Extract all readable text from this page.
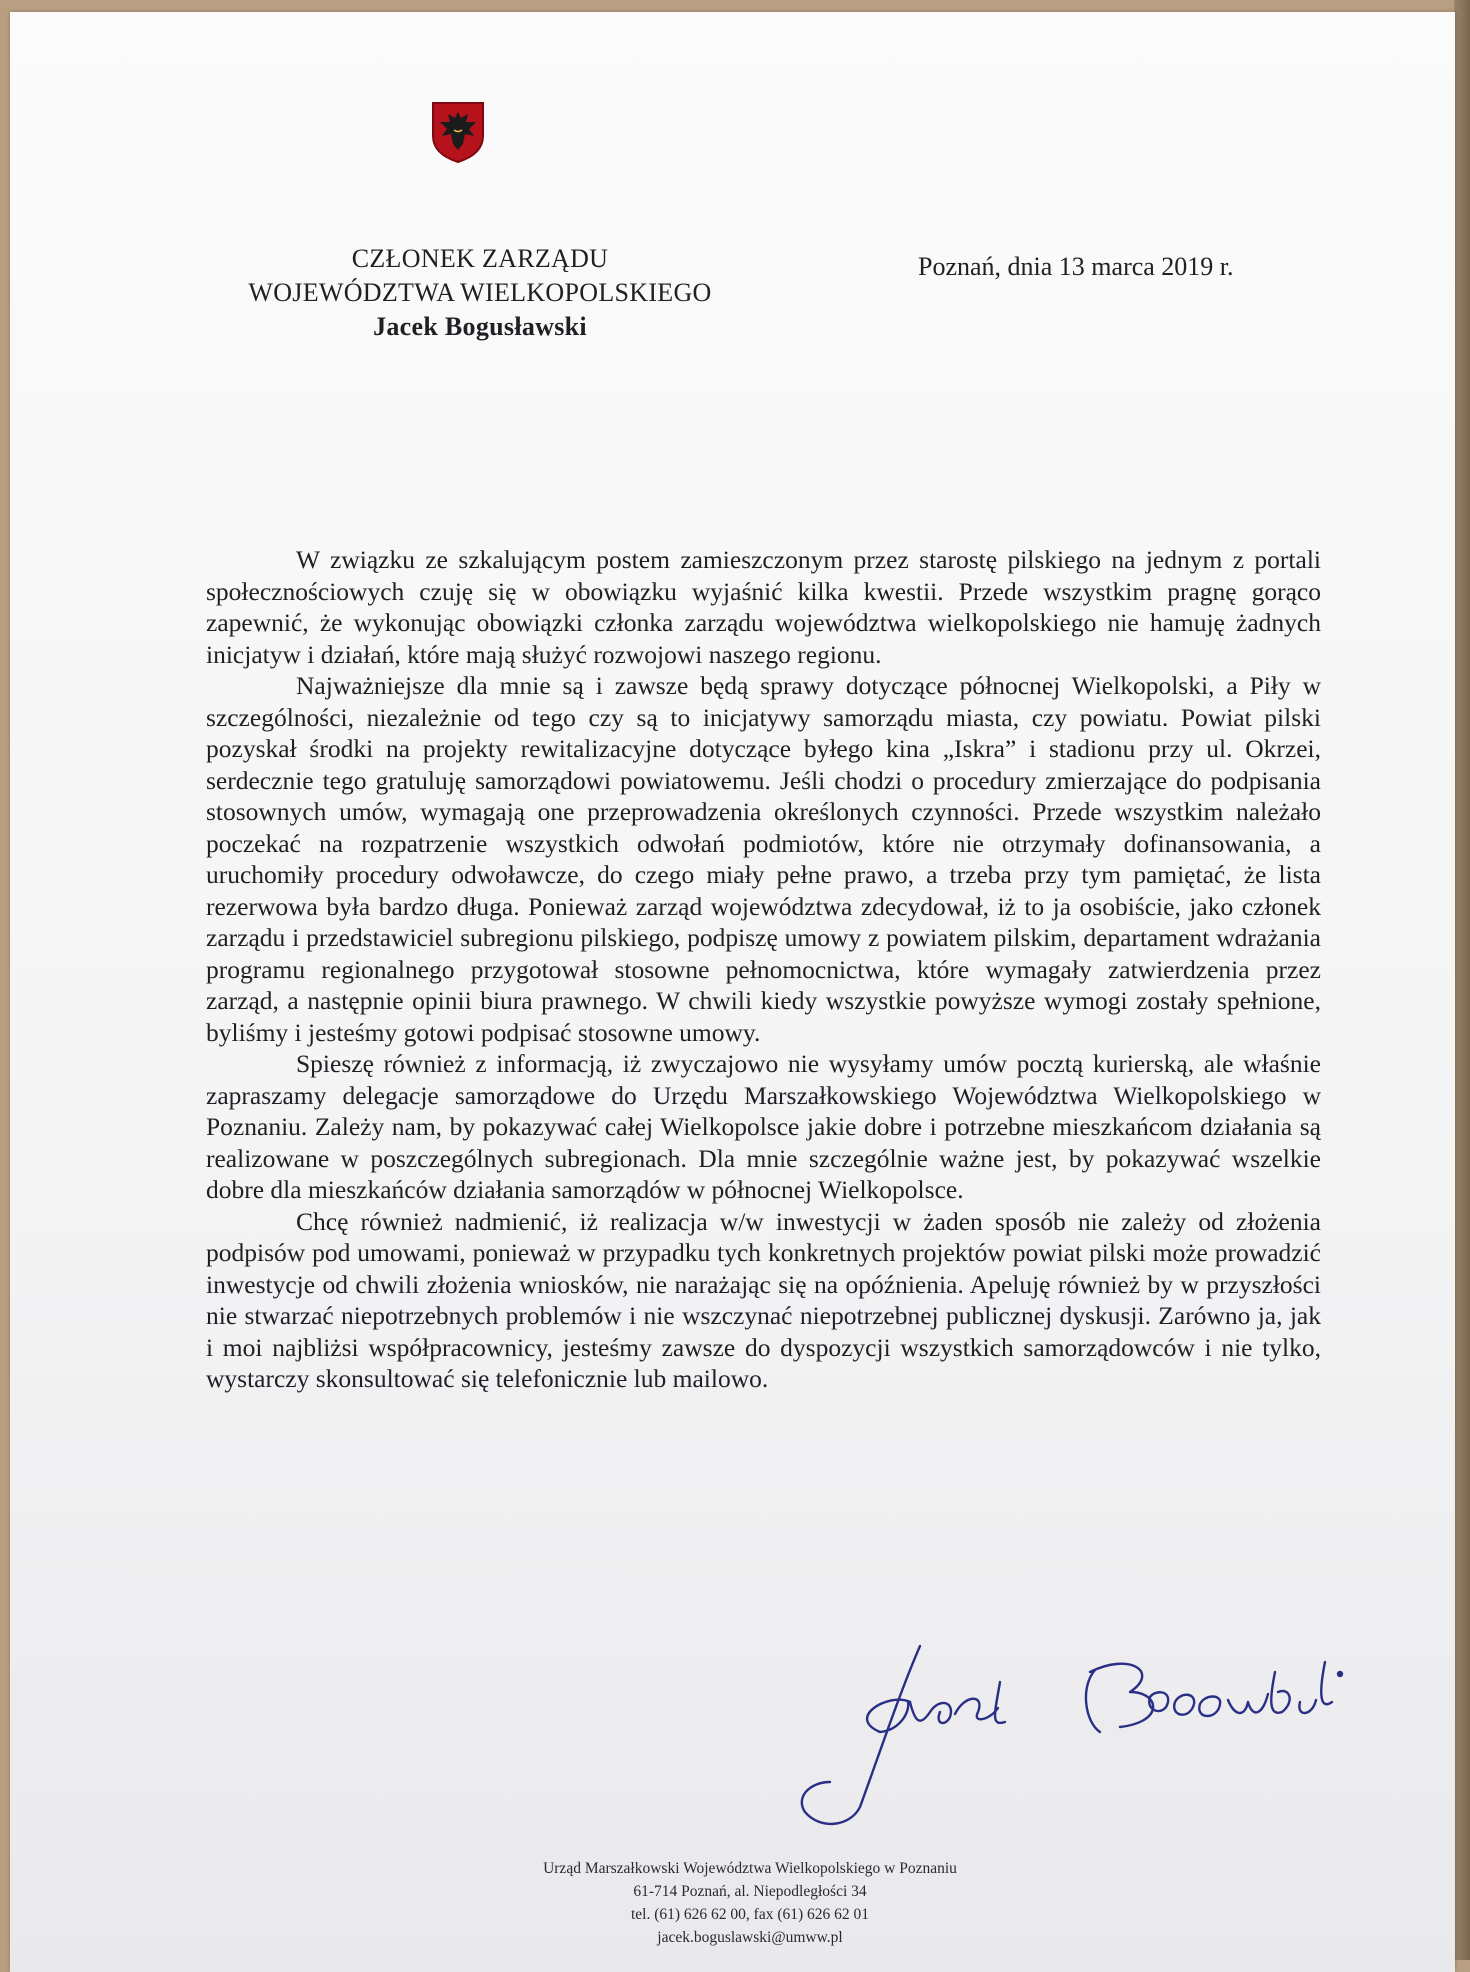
CZŁONEK ZARZĄDU
WOJEWÓDZTWA WIELKOPOLSKIEGO
Jacek Bogusławski
Poznań, dnia 13 marca 2019 r.

W związku ze szkalującym postem zamieszczonym przez starostę pilskiego na jednym z portali społecznościowych czuję się w obowiązku wyjaśnić kilka kwestii. Przede wszystkim pragnę gorąco zapewnić, że wykonując obowiązki członka zarządu województwa wielkopolskiego nie hamuję żadnych inicjatyw i działań, które mają służyć rozwojowi naszego regionu.

Najważniejsze dla mnie są i zawsze będą sprawy dotyczące północnej Wielkopolski, a Piły w szczególności, niezależnie od tego czy są to inicjatywy samorządu miasta, czy powiatu. Powiat pilski pozyskał środki na projekty rewitalizacyjne dotyczące byłego kina „Iskra” i stadionu przy ul. Okrzei, serdecznie tego gratuluję samorządowi powiatowemu. Jeśli chodzi o procedury zmierzające do podpisania stosownych umów, wymagają one przeprowadzenia określonych czynności. Przede wszystkim należało poczekać na rozpatrzenie wszystkich odwołań podmiotów, które nie otrzymały dofinansowania, a uruchomiły procedury odwoławcze, do czego miały pełne prawo, a trzeba przy tym pamiętać, że lista rezerwowa była bardzo długa. Ponieważ zarząd województwa zdecydował, iż to ja osobiście, jako członek zarządu i przedstawiciel subregionu pilskiego, podpiszę umowy z powiatem pilskim, departament wdrażania programu regionalnego przygotował stosowne pełnomocnictwa, które wymagały zatwierdzenia przez zarząd, a następnie opinii biura prawnego. W chwili kiedy wszystkie powyższe wymogi zostały spełnione, byliśmy i jesteśmy gotowi podpisać stosowne umowy.

Spieszę również z informacją, iż zwyczajowo nie wysyłamy umów pocztą kurierską, ale właśnie zapraszamy delegacje samorządowe do Urzędu Marszałkowskiego Województwa Wielkopolskiego w Poznaniu. Zależy nam, by pokazywać całej Wielkopolsce jakie dobre i potrzebne mieszkańcom działania są realizowane w poszczególnych subregionach. Dla mnie szczególnie ważne jest, by pokazywać wszelkie dobre dla mieszkańców działania samorządów w północnej Wielkopolsce.

Chcę również nadmienić, iż realizacja w/w inwestycji w żaden sposób nie zależy od złożenia podpisów pod umowami, ponieważ w przypadku tych konkretnych projektów powiat pilski może prowadzić inwestycje od chwili złożenia wniosków, nie narażając się na opóźnienia. Apeluję również by w przyszłości nie stwarzać niepotrzebnych problemów i nie wszczynać niepotrzebnej publicznej dyskusji. Zarówno ja, jak i moi najbliżsi współpracownicy, jesteśmy zawsze do dyspozycji wszystkich samorządowców i nie tylko, wystarczy skonsultować się telefonicznie lub mailowo.

Urząd Marszałkowski Województwa Wielkopolskiego w Poznaniu
61-714 Poznań, al. Niepodległości 34
tel. (61) 626 62 00, fax (61) 626 62 01
jacek.boguslawski@umww.pl
